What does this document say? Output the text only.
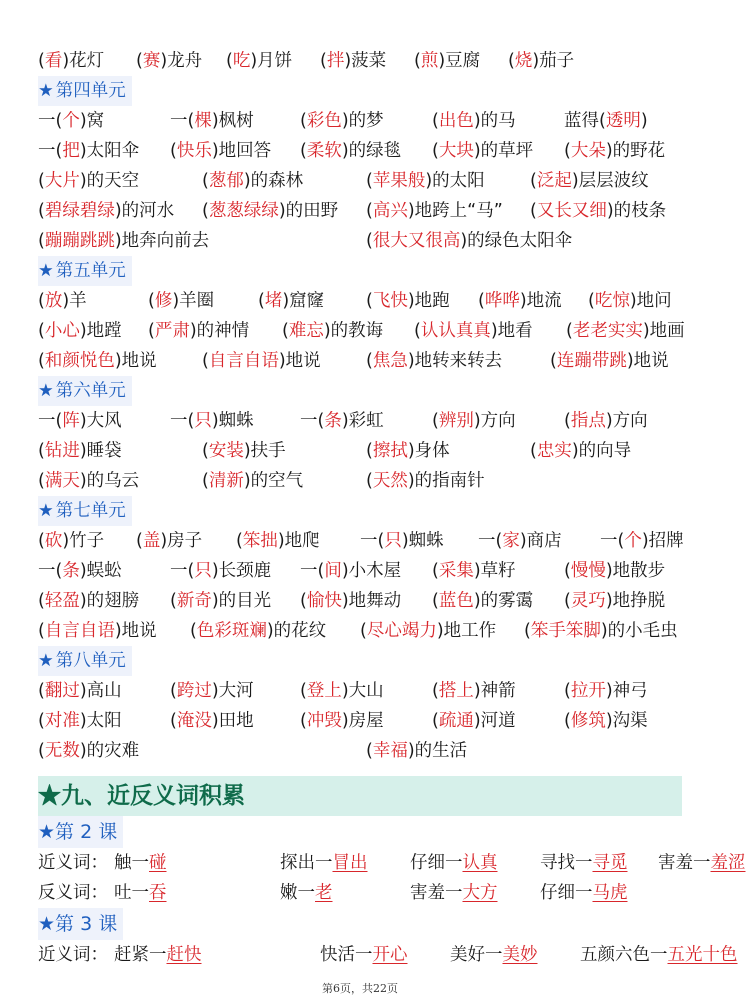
(看)花灯 (赛)龙舟 (吃)月饼 (拌)菠菜 (煎)豆腐 (烧)茄子
★ 第四单元
一(个)窝	一(棵)枫树	(彩色)的梦	(出色)的马	蓝得(透明)
一(把)太阳伞 (快乐)地回答 (柔软)的绿毯 (大块)的草坪 (大朵)的野花
(大片)的天空	(葱郁)的森林	(苹果般)的太阳	(泛起)层层波纹
(碧绿碧绿)的河水 (葱葱绿绿)的田野 (高兴)地跨上“马” (又长又细)的枝条
(蹦蹦跳跳)地奔向前去	(很大又很高)的绿色太阳伞
★ 第五单元
(放)羊	(修)羊圈	(堵)窟窿 (飞快)地跑 (哗哗)地流 (吃惊)地问
(小心)地蹚 (严肃)的神情 (难忘)的教诲 (认认真真)地看 (老老实实)地画
(和颜悦色)地说	(自言自语)地说	(焦急)地转来转去	(连蹦带跳)地说
★ 第六单元
一(阵)大风	一(只)蜘蛛	一(条)彩虹	(辨别)方向	(指点)方向
(钻进)睡袋	(安装)扶手	(擦拭)身体	(忠实)的向导
(满天)的乌云	(清新)的空气	(天然)的指南针
★ 第七单元
(砍)竹子 (盖)房子 (笨拙)地爬 一(只)蜘蛛 一(家)商店 一(个)招牌
一(条)蜈蚣	一(只)长颈鹿 一(间)小木屋 (采集)草籽	(慢慢)地散步
(轻盈)的翅膀 (新奇)的目光 (愉快)地舞动 (蓝色)的雾霭 (灵巧)地挣脱
(自言自语)地说 (色彩斑斓)的花纹 (尽心竭力)地工作 (笨手笨脚)的小毛虫
★ 第八单元
(翻过)高山	(跨过)大河	(登上)大山	(搭上)神箭	(拉开)神弓
(对准)太阳	(淹没)田地	(冲毁)房屋	(疏通)河道	(修筑)沟渠
(无数)的灾难	(幸福)的生活
★九、近反义词积累
★第 2 课
近义词： 触一碰	探出一冒出 仔细一认真 寻找一寻觅 害羞一羞涩
反义词： 吐一吞	嫩一老	害羞一大方 仔细一马虎
★第 3 课
近义词： 赶紧一赶快	快活一开心 美好一美妙 五颜六色一五光十色
第6页，共22页
